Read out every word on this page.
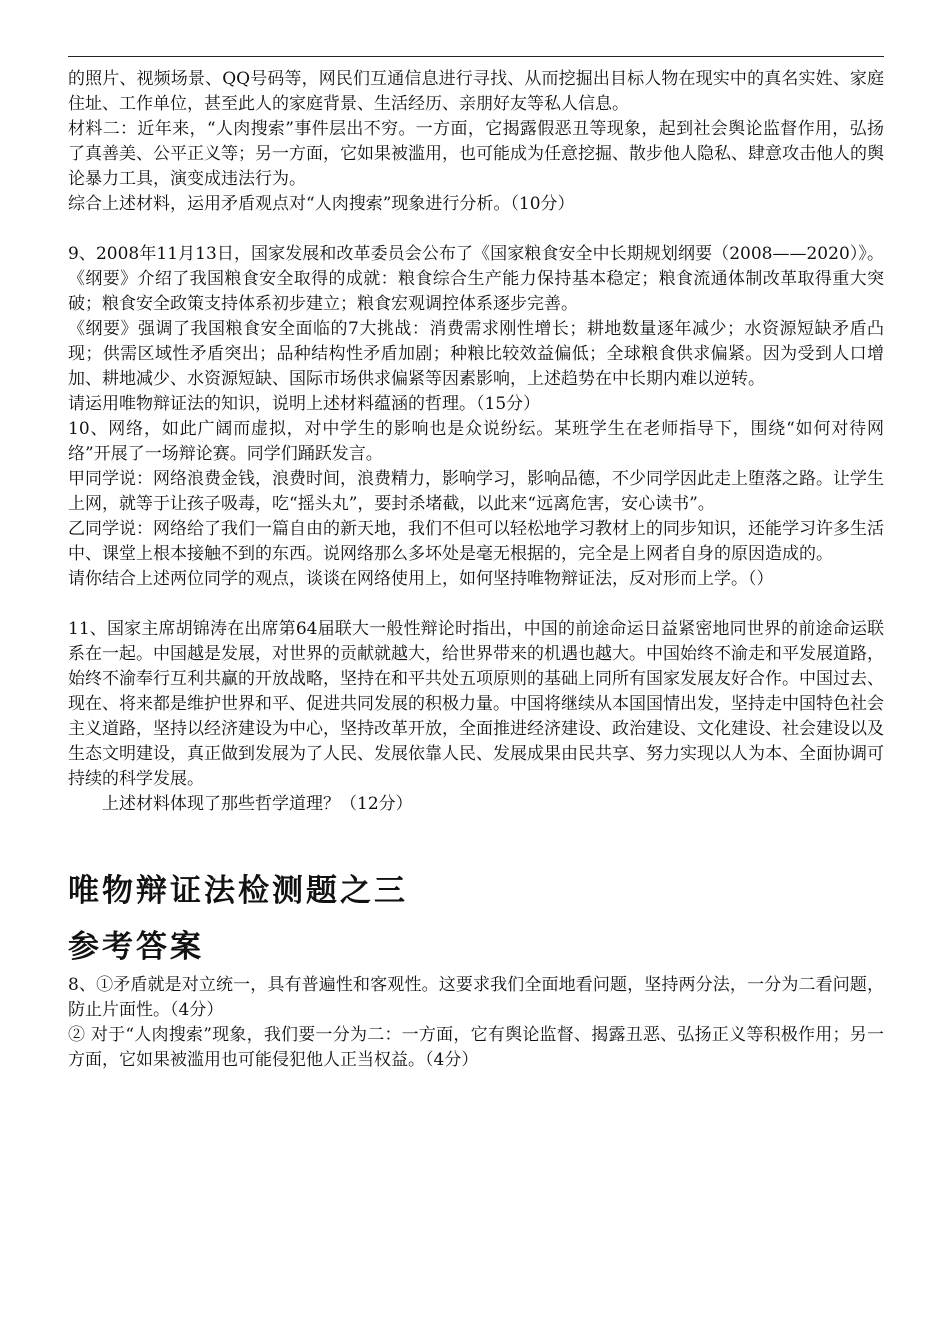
的照片、视频场景、QQ号码等，网民们互通信息进行寻找、从而挖掘出目标人物在现实中的真名实姓、家庭住址、工作单位，甚至此人的家庭背景、生活经历、亲朋好友等私人信息。

材料二：近年来，“人肉搜索”事件层出不穷。一方面，它揭露假恶丑等现象，起到社会舆论监督作用，弘扬了真善美、公平正义等；另一方面，它如果被滥用，也可能成为任意挖掘、散步他人隐私、肆意攻击他人的舆论暴力工具，演变成违法行为。

综合上述材料，运用矛盾观点对“人肉搜索”现象进行分析。（10分）

9、2008年11月13日，国家发展和改革委员会公布了《国家粮食安全中长期规划纲要（2008——2020）》。《纲要》介绍了我国粮食安全取得的成就：粮食综合生产能力保持基本稳定；粮食流通体制改革取得重大突破；粮食安全政策支持体系初步建立；粮食宏观调控体系逐步完善。

《纲要》强调了我国粮食安全面临的7大挑战：消费需求刚性增长；耕地数量逐年减少；水资源短缺矛盾凸现；供需区域性矛盾突出；品种结构性矛盾加剧；种粮比较效益偏低；全球粮食供求偏紧。因为受到人口增加、耕地减少、水资源短缺、国际市场供求偏紧等因素影响，上述趋势在中长期内难以逆转。

请运用唯物辩证法的知识，说明上述材料蕴涵的哲理。（15分）

10、网络，如此广阔而虚拟，对中学生的影响也是众说纷纭。某班学生在老师指导下，围绕“如何对待网络”开展了一场辩论赛。同学们踊跃发言。

甲同学说：网络浪费金钱，浪费时间，浪费精力，影响学习，影响品德，不少同学因此走上堕落之路。让学生上网，就等于让孩子吸毒，吃“摇头丸”，要封杀堵截，以此来“远离危害，安心读书”。

乙同学说：网络给了我们一篇自由的新天地，我们不但可以轻松地学习教材上的同步知识，还能学习许多生活中、课堂上根本接触不到的东西。说网络那么多坏处是毫无根据的，完全是上网者自身的原因造成的。

请你结合上述两位同学的观点，谈谈在网络使用上，如何坚持唯物辩证法，反对形而上学。（）

11、国家主席胡锦涛在出席第64届联大一般性辩论时指出，中国的前途命运日益紧密地同世界的前途命运联系在一起。中国越是发展，对世界的贡献就越大，给世界带来的机遇也越大。中国始终不渝走和平发展道路，始终不渝奉行互利共赢的开放战略，坚持在和平共处五项原则的基础上同所有国家发展友好合作。中国过去、现在、将来都是维护世界和平、促进共同发展的积极力量。中国将继续从本国国情出发，坚持走中国特色社会主义道路，坚持以经济建设为中心，坚持改革开放，全面推进经济建设、政治建设、文化建设、社会建设以及生态文明建设，真正做到发展为了人民、发展依靠人民、发展成果由民共享、努力实现以人为本、全面协调可持续的科学发展。

上述材料体现了那些哲学道理？（12分）

唯物辩证法检测题之三
参考答案

8、①矛盾就是对立统一，具有普遍性和客观性。这要求我们全面地看问题，坚持两分法，一分为二看问题，防止片面性。（4分）

② 对于“人肉搜索”现象，我们要一分为二：一方面，它有舆论监督、揭露丑恶、弘扬正义等积极作用；另一方面，它如果被滥用也可能侵犯他人正当权益。（4分）
